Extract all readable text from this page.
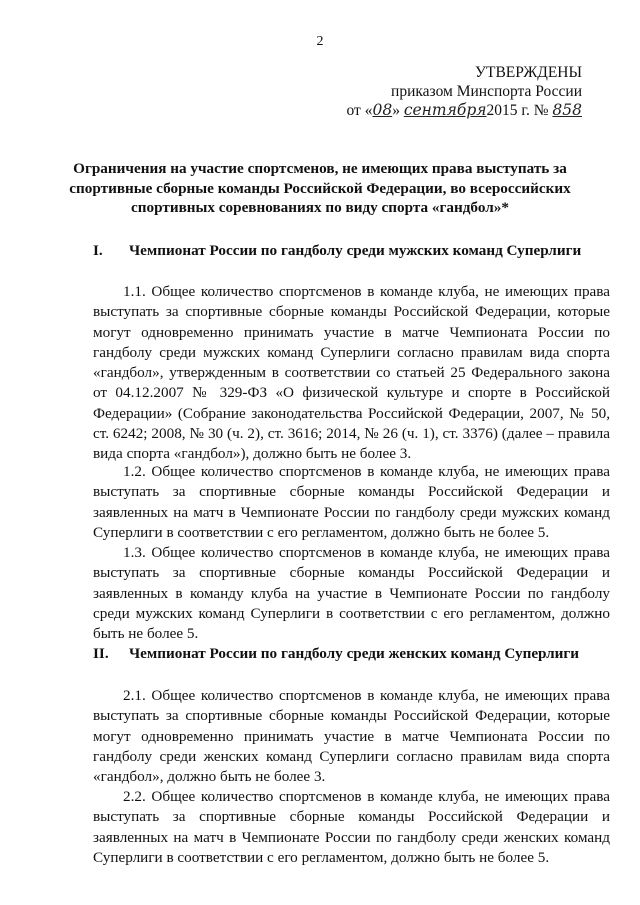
2
УТВЕРЖДЕНЫ
приказом Минспорта России
от «08» сентября2015 г. № 858
Ограничения на участие спортсменов, не имеющих права выступать за спортивные сборные команды Российской Федерации, во всероссийских спортивных соревнованиях по виду спорта «гандбол»*
I. Чемпионат России по гандболу среди мужских команд Суперлиги
1.1. Общее количество спортсменов в команде клуба, не имеющих права выступать за спортивные сборные команды Российской Федерации, которые могут одновременно принимать участие в матче Чемпионата России по гандболу среди мужских команд Суперлиги согласно правилам вида спорта «гандбол», утвержденным в соответствии со статьей 25 Федерального закона от 04.12.2007 № 329-ФЗ «О физической культуре и спорте в Российской Федерации» (Собрание законодательства Российской Федерации, 2007, № 50, ст. 6242; 2008, № 30 (ч. 2), ст. 3616; 2014, № 26 (ч. 1), ст. 3376) (далее – правила вида спорта «гандбол»), должно быть не более 3.
1.2. Общее количество спортсменов в команде клуба, не имеющих права выступать за спортивные сборные команды Российской Федерации и заявленных на матч в Чемпионате России по гандболу среди мужских команд Суперлиги в соответствии с его регламентом, должно быть не более 5.
1.3. Общее количество спортсменов в команде клуба, не имеющих права выступать за спортивные сборные команды Российской Федерации и заявленных в команду клуба на участие в Чемпионате России по гандболу среди мужских команд Суперлиги в соответствии с его регламентом, должно быть не более 5.
II. Чемпионат России по гандболу среди женских команд Суперлиги
2.1. Общее количество спортсменов в команде клуба, не имеющих права выступать за спортивные сборные команды Российской Федерации, которые могут одновременно принимать участие в матче Чемпионата России по гандболу среди женских команд Суперлиги согласно правилам вида спорта «гандбол», должно быть не более 3.
2.2. Общее количество спортсменов в команде клуба, не имеющих права выступать за спортивные сборные команды Российской Федерации и заявленных на матч в Чемпионате России по гандболу среди женских команд Суперлиги в соответствии с его регламентом, должно быть не более 5.
